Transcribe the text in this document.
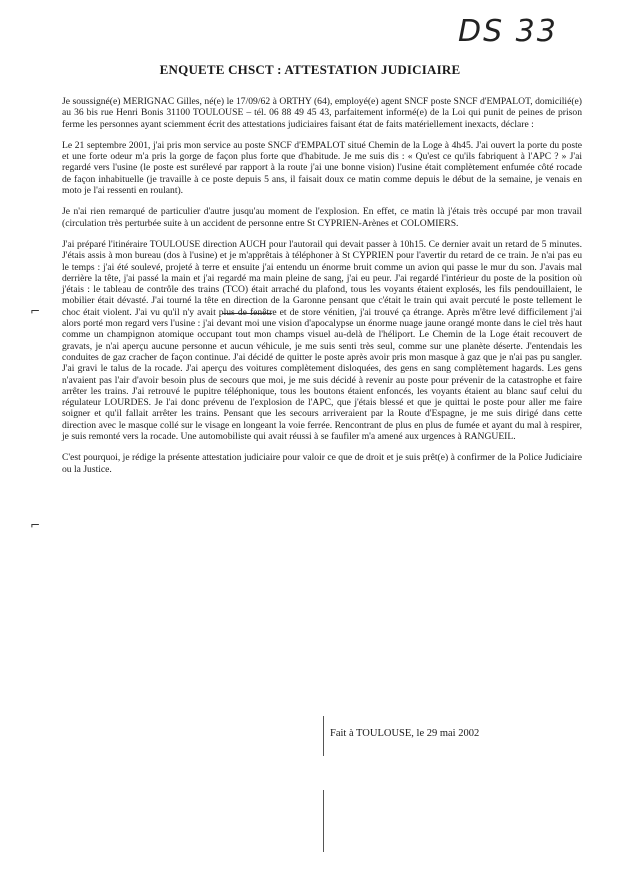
DS 33
ENQUETE CHSCT : ATTESTATION JUDICIAIRE

Je soussigné(e) MERIGNAC Gilles, né(e) le 17/09/62 à ORTHY (64), employé(e) agent SNCF poste SNCF d'EMPALOT, domicilié(e) au 36 bis rue Henri Bonis 31100 TOULOUSE – tél. 06 88 49 45 43, parfaitement informé(e) de la Loi qui punit de peines de prison ferme les personnes ayant sciemment écrit des attestations judiciaires faisant état de faits matériellement inexacts, déclare :

Le 21 septembre 2001, j'ai pris mon service au poste SNCF d'EMPALOT situé Chemin de la Loge à 4h45. J'ai ouvert la porte du poste et une forte odeur m'a pris la gorge de façon plus forte que d'habitude. Je me suis dis : « Qu'est ce qu'ils fabriquent à l'APC ? » J'ai regardé vers l'usine (le poste est surélevé par rapport à la route j'ai une bonne vision) l'usine était complètement enfumée côté rocade de façon inhabituelle (je travaille à ce poste depuis 5 ans, il faisait doux ce matin comme depuis le début de la semaine, je venais en moto je l'ai ressenti en roulant).

Je n'ai rien remarqué de particulier d'autre jusqu'au moment de l'explosion. En effet, ce matin là j'étais très occupé par mon travail (circulation très perturbée suite à un accident de personne entre St CYPRIEN-Arènes et COLOMIERS.

J'ai préparé l'itinéraire TOULOUSE direction AUCH pour l'autorail qui devait passer à 10h15. Ce dernier avait un retard de 5 minutes. J'étais assis à mon bureau (dos à l'usine) et je m'apprêtais à téléphoner à St CYPRIEN pour l'avertir du retard de ce train. Je n'ai pas eu le temps : j'ai été soulevé, projeté à terre et ensuite j'ai entendu un énorme bruit comme un avion qui passe le mur du son. J'avais mal derrière la tête, j'ai passé la main et j'ai regardé ma main pleine de sang, j'ai eu peur. J'ai regardé l'intérieur du poste de la position où j'étais : le tableau de contrôle des trains (TCO) était arraché du plafond, tous les voyants étaient explosés, les fils pendouillaient, le mobilier était dévasté. J'ai tourné la tête en direction de la Garonne pensant que c'était le train qui avait percuté le poste tellement le choc était violent. J'ai vu qu'il n'y avait plus de fenêtre et de store vénitien, j'ai trouvé ça étrange. Après m'être levé difficilement j'ai alors porté mon regard vers l'usine : j'ai devant moi une vision d'apocalypse un énorme nuage jaune orangé monte dans le ciel très haut comme un champignon atomique occupant tout mon champs visuel au-delà de l'héliport. Le Chemin de la Loge était recouvert de gravats, je n'ai aperçu aucune personne et aucun véhicule, je me suis senti très seul, comme sur une planète déserte. J'entendais les conduites de gaz cracher de façon continue. J'ai décidé de quitter le poste après avoir pris mon masque à gaz que je n'ai pas pu sangler. J'ai gravi le talus de la rocade. J'ai aperçu des voitures complètement disloquées, des gens en sang complètement hagards. Les gens n'avaient pas l'air d'avoir besoin plus de secours que moi, je me suis décidé à revenir au poste pour prévenir de la catastrophe et faire arrêter les trains. J'ai retrouvé le pupitre téléphonique, tous les boutons étaient enfoncés, les voyants étaient au blanc sauf celui du régulateur LOURDES. Je l'ai donc prévenu de l'explosion de l'APC, que j'étais blessé et que je quittai le poste pour aller me faire soigner et qu'il fallait arrêter les trains. Pensant que les secours arriveraient par la Route d'Espagne, je me suis dirigé dans cette direction avec le masque collé sur le visage en longeant la voie ferrée. Rencontrant de plus en plus de fumée et ayant du mal à respirer, je suis remonté vers la rocade. Une automobiliste qui avait réussi à se faufiler m'a amené aux urgences à RANGUEIL.

C'est pourquoi, je rédige la présente attestation judiciaire pour valoir ce que de droit et je suis prêt(e) à confirmer de la Police Judiciaire ou la Justice.

⌐
⌐
Fait à TOULOUSE, le 29 mai 2002
